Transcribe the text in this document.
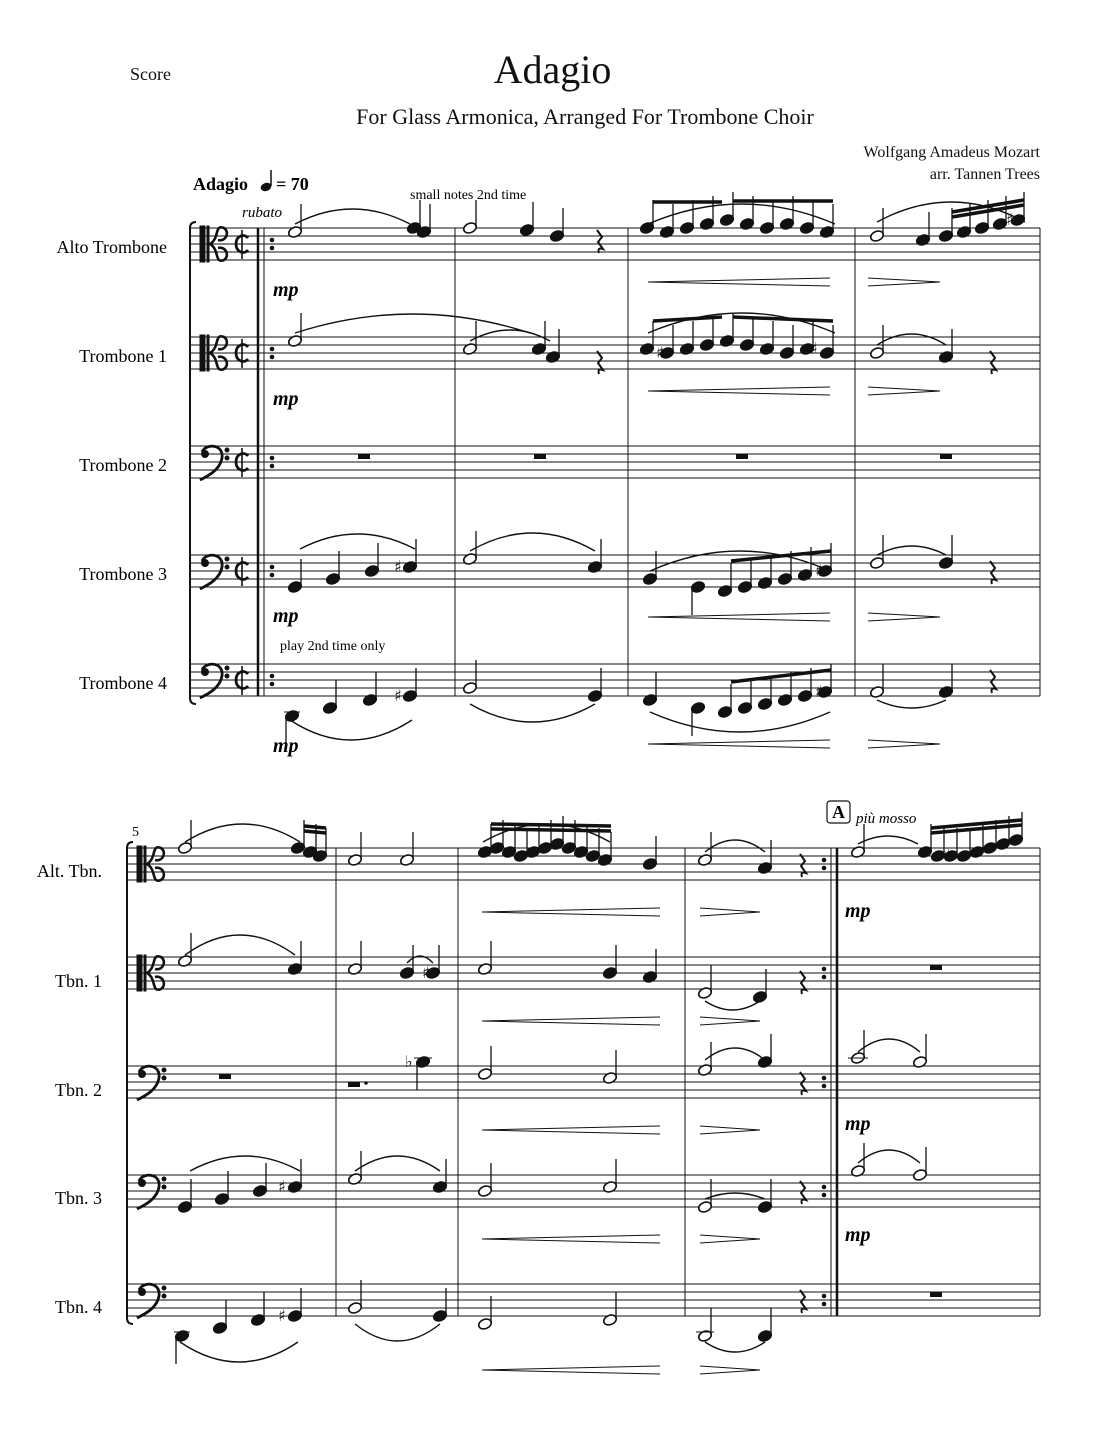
Score	Adagio
For Glass Armonica, Arranged For Trombone Choir
Wolfgang Amadeus Mozart
arr. Tannen Trees
♯
♯	♯
♯	♯
♯	♯
♯
♯
♭
♯
♯
Adagio = 70
rubato
small notes 2nd time
play 2nd time only
Alto Trombone
Trombone 1
Trombone 2
Trombone 3
Trombone 4
mp
mp
mp
mp
5
A più mosso
Alt. Tbn.
Tbn. 1
Tbn. 2
Tbn. 3
Tbn. 4
mp
mp
mp
